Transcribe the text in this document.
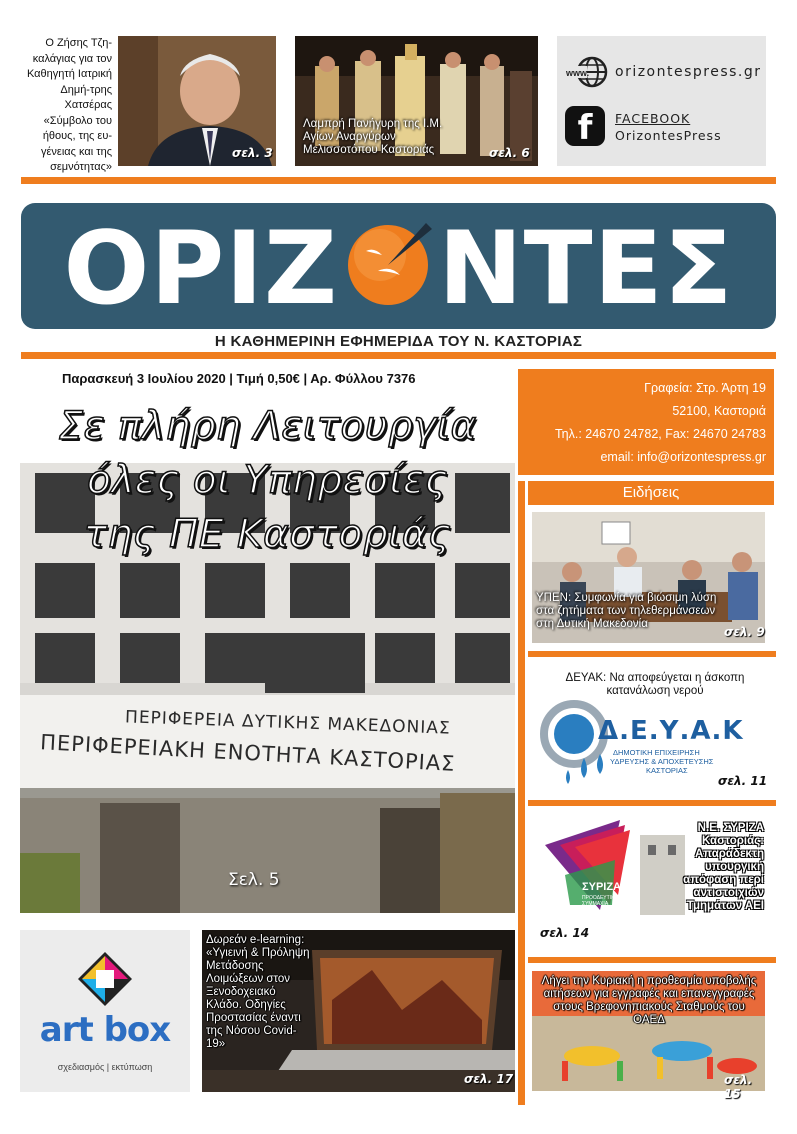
Ο Ζήσης Τζη-καλάγιας για τον Καθηγητή Ιατρική Δημή-τρης Χατσέρας «Σύμβολο του ήθους, της ευ-γένειας και της σεμνότητας»
σελ. 3
Λαμπρή Πανήγυρη της Ι.Μ. Αγίων Αναργύρων Μελισσοτόπου Καστοριάς	σελ. 6
www. orizontespress.gr
f	FACEBOOK
OrizontesPress
ΟΡΙΖ ΝΤΕΣ
Η ΚΑΘΗΜΕΡΙΝΗ ΕΦΗΜΕΡΙΔΑ ΤΟΥ Ν. ΚΑΣΤΟΡΙΑΣ
Παρασκευή 3 Ιουλίου 2020 | Τιμή 0,50€ | Αρ. Φύλλου 7376
Γραφεία: Στρ. Άρτη 19
52100, Καστοριά
Τηλ.: 24670 24782, Fax: 24670 24783
email: info@orizontespress.gr
ΠΕΡΙΦΕΡΕΙΑ ΔΥΤΙΚΗΣ ΜΑΚΕΔΟΝΙΑΣ
ΠΕΡΙΦΕΡΕΙΑΚΗ ΕΝΟΤΗΤΑ ΚΑΣΤΟΡΙΑΣ
Σε πλήρη Λειτουργία
όλες οι Υπηρεσίες
της ΠΕ Καστοριάς
Σελ. 5
Ειδήσεις
ΥΠΕΝ: Συμφωνία για βιώσιμη λύση στα ζητήματα των τηλεθερμάνσεων στη Δυτική Μακεδονία
σελ. 9
ΔΕΥΑΚ: Να αποφεύγεται η άσκοπη κατανάλωση νερού
Δ.Ε.Υ.Α.Κ
ΔΗΜΟΤΙΚΗ ΕΠΙΧΕΙΡΗΣΗ
ΥΔΡΕΥΣΗΣ & ΑΠΟΧΕΤΕΥΣΗΣ
ΚΑΣΤΟΡΙΑΣ
σελ. 11
ΣΥΡΙΖΑ
ΠΡΟΟΔΕΥΤΙΚΗ ΣΥΜΜΑΧΙΑ
Ν.Ε. ΣΥΡΙΖΑ Καστοριάς: Απαράδεκτη υπουργική απόφαση περί αντιστοιχιών Τμημάτων ΑΕΙ
σελ. 14
Λήγει την Κυριακή η προθεσμία υποβολής αιτήσεων για εγγραφές και επανεγγραφές στους Βρεφονηπιακούς Σταθμούς του ΟΑΕΔ
σελ. 15
art box
σχεδιασμός | εκτύπωση
Δωρεάν e-learning: «Υγιεινή & Πρόληψη Μετάδοσης Λοιμώξεων στον Ξενοδοχειακό Κλάδο. Οδηγίες Προστασίας έναντι της Νόσου Covid-19»
σελ. 17
